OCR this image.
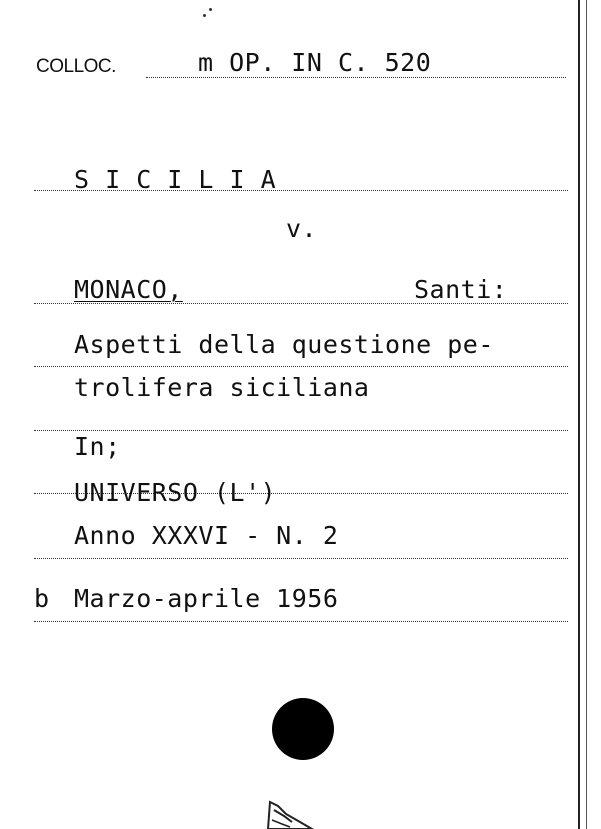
COLLOC.	m OP. IN C. 520
S I C I L I A
v.
MONACO,	Santi:
Aspetti della questione pe-
trolifera siciliana
In;
UNIVERSO (L')
Anno XXXVI - N. 2
b Marzo-aprile 1956
